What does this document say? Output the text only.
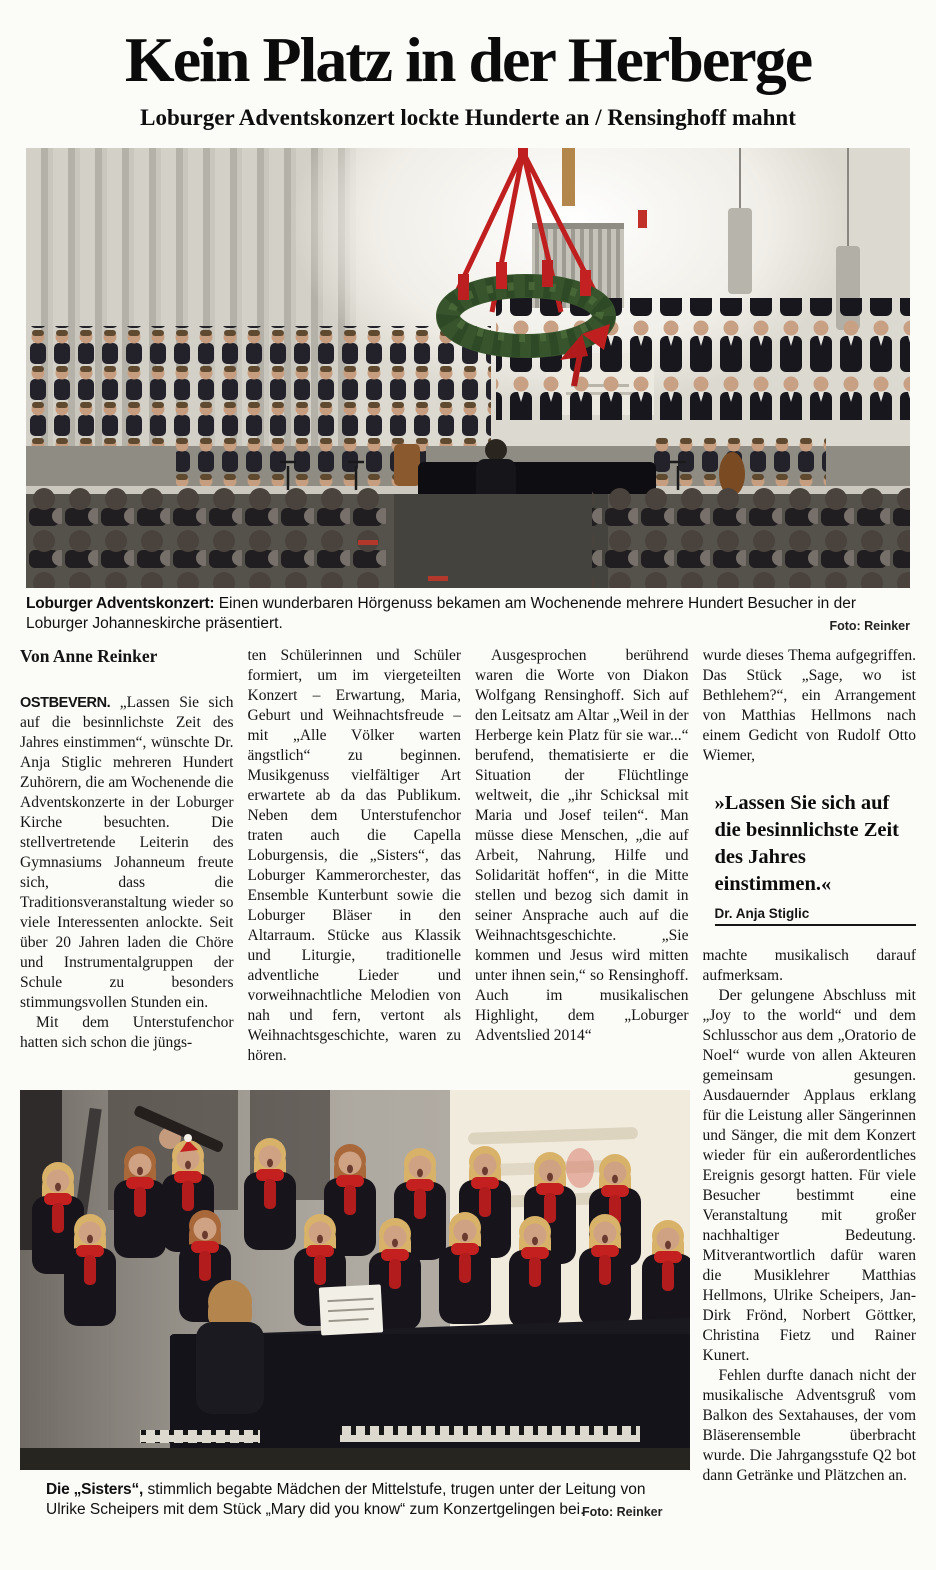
Kein Platz in der Herberge
Loburger Adventskonzert lockte Hunderte an / Rensinghoff mahnt

Loburger Adventskonzert: Einen wunderbaren Hörgenuss bekamen am Wochenende mehrere Hundert Besucher in der Loburger Johanneskirche präsentiert.	Foto: Reinker

Von Anne Reinker

OSTBEVERN. „Lassen Sie sich auf die besinnlichste Zeit des Jahres einstimmen“, wünschte Dr. Anja Stiglic mehreren Hundert Zuhörern, die am Wochenende die Adventskonzerte in der Loburger Kirche besuchten. Die stellvertretende Leiterin des Gymnasiums Johanneum freute sich, dass die Traditionsveranstaltung wieder so viele Interessenten anlockte. Seit über 20 Jahren laden die Chöre und Instrumentalgruppen der Schule zu besonders stimmungsvollen Stunden ein.

Mit dem Unterstufenchor hatten sich schon die jüngs-

ten Schülerinnen und Schüler formiert, um im viergeteilten Konzert – Erwartung, Maria, Geburt und Weihnachtsfreude – mit „Alle Völker warten ängstlich“ zu beginnen. Musikgenuss vielfältiger Art erwartete ab da das Publikum. Neben dem Unterstufenchor traten auch die Capella Loburgensis, die „Sisters“, das Loburger Kammerorchester, das Ensemble Kunterbunt sowie die Loburger Bläser in den Altarraum. Stücke aus Klassik und Liturgie, traditionelle adventliche Lieder und vorweihnachtliche Melodien von nah und fern, vertont als Weihnachtsgeschichte, waren zu hören.

Ausgesprochen berührend waren die Worte von Diakon Wolfgang Rensinghoff. Sich auf den Leitsatz am Altar „Weil in der Herberge kein Platz für sie war...“ berufend, thematisierte er die Situation der Flüchtlinge weltweit, die „ihr Schicksal mit Maria und Josef teilen“. Man müsse diese Menschen, „die auf Arbeit, Nahrung, Hilfe und Solidarität hoffen“, in die Mitte stellen und bezog sich damit in seiner Ansprache auch auf die Weihnachtsgeschichte. „Sie kommen und Jesus wird mitten unter ihnen sein,“ so Rensinghoff. Auch im musikalischen Highlight, dem „Loburger Adventslied 2014“

wurde dieses Thema aufgegriffen. Das Stück „Sage, wo ist Bethlehem?“, ein Arrangement von Matthias Hellmons nach einem Gedicht von Rudolf Otto Wiemer,

»Lassen Sie sich auf die besinnlichste Zeit des Jahres einstimmen.«
Dr. Anja Stiglic

machte musikalisch darauf aufmerksam.

Der gelungene Abschluss mit „Joy to the world“ und dem Schlusschor aus dem „Oratorio de Noel“ wurde von allen Akteuren gemeinsam gesungen. Ausdauernder Applaus erklang für die Leistung aller Sängerinnen und Sänger, die mit dem Konzert wieder für ein außerordentliches Ereignis gesorgt hatten. Für viele Besucher bestimmt eine Veranstaltung mit großer nachhaltiger Bedeutung. Mitverantwortlich dafür waren die Musiklehrer Matthias Hellmons, Ulrike Scheipers, Jan-Dirk Frönd, Norbert Göttker, Christina Fietz und Rainer Kunert.

Fehlen durfte danach nicht der musikalische Adventsgruß vom Balkon des Sextahauses, der vom Bläserensemble überbracht wurde. Die Jahrgangsstufe Q2 bot dann Getränke und Plätzchen an.

Die „Sisters“, stimmlich begabte Mädchen der Mittelstufe, trugen unter der Leitung von Ulrike Scheipers mit dem Stück „Mary did you know“ zum Konzertgelingen bei.
Foto: Reinker
